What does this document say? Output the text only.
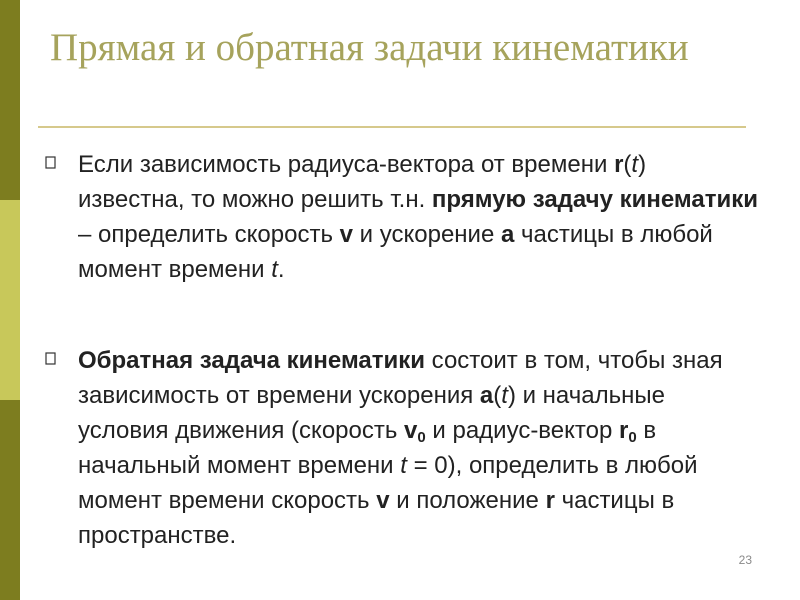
Прямая и обратная задачи кинематики
Если зависимость радиуса-вектора от времени r(t) известна, то можно решить т.н. прямую задачу кинематики – определить скорость v и ускорение a частицы в любой момент времени t.
Обратная задача кинематики состоит в том, чтобы зная зависимость от времени ускорения a(t) и начальные условия движения (скорость $v_0$ и радиус-вектор $r_0$ в начальный момент времени t = 0), определить в любой момент времени скорость v и положение r частицы в пространстве.
23
